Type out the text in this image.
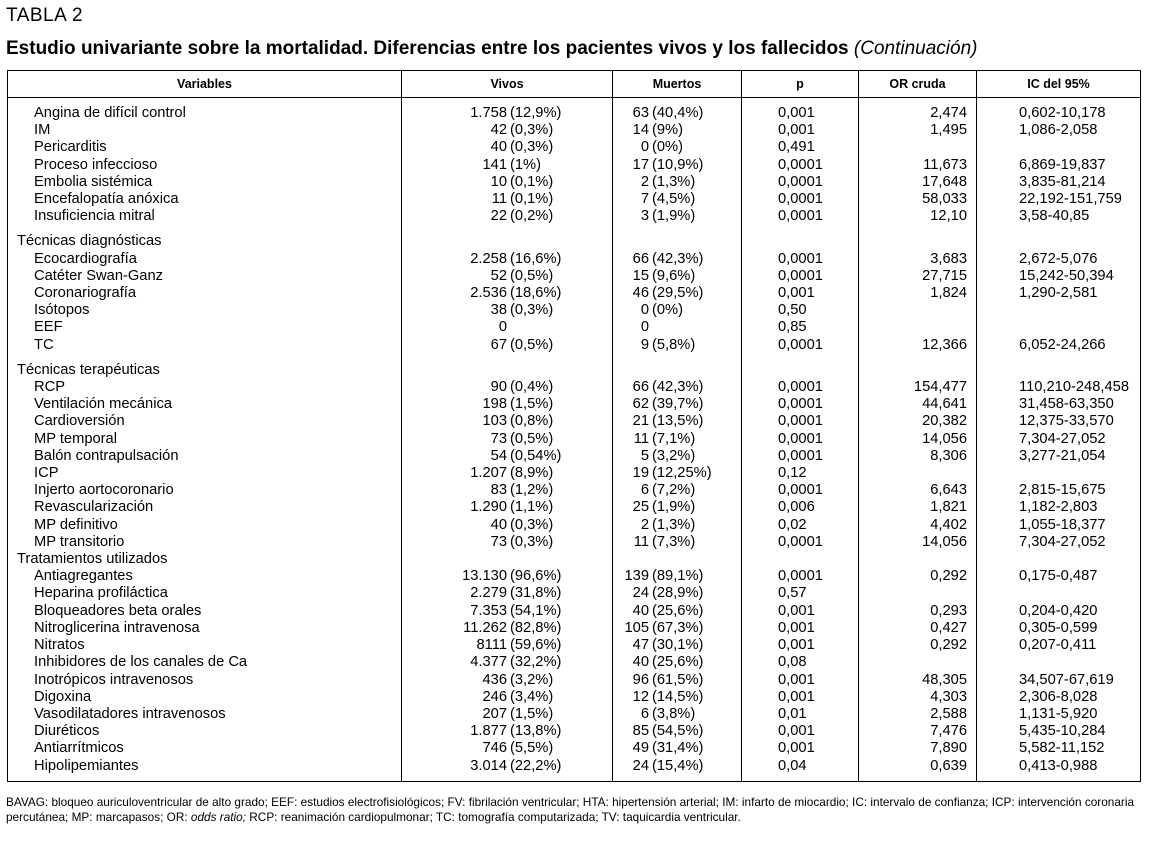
TABLA 2
Estudio univariante sobre la mortalidad. Diferencias entre los pacientes vivos y los fallecidos (Continuación)
Variables	Vivos	Muertos	p	OR cruda	IC del 95%
Angina de difícil control	1.758 (12,9%)	63 (40,4%)	0,001	2,474	0,602-10,178
IM	42 (0,3%)	14 (9%)	0,001	1,495	1,086-2,058
Pericarditis	40 (0,3%)	0 (0%)	0,491		
Proceso infeccioso	141 (1%)	17 (10,9%)	0,0001	11,673	6,869-19,837
Embolia sistémica	10 (0,1%)	2 (1,3%)	0,0001	17,648	3,835-81,214
Encefalopatía anóxica	11 (0,1%)	7 (4,5%)	0,0001	58,033	22,192-151,759
Insuficiencia mitral	22 (0,2%)	3 (1,9%)	0,0001	12,10	3,58-40,85
Técnicas diagnósticas					
Ecocardiografía	2.258 (16,6%)	66 (42,3%)	0,0001	3,683	2,672-5,076
Catéter Swan-Ganz	52 (0,5%)	15 (9,6%)	0,0001	27,715	15,242-50,394
Coronariografía	2.536 (18,6%)	46 (29,5%)	0,001	1,824	1,290-2,581
Isótopos	38 (0,3%)	0 (0%)	0,50		
EEF	0	0	0,85		
TC	67 (0,5%)	9 (5,8%)	0,0001	12,366	6,052-24,266
Técnicas terapéuticas					
RCP	90 (0,4%)	66 (42,3%)	0,0001	154,477	110,210-248,458
Ventilación mecánica	198 (1,5%)	62 (39,7%)	0,0001	44,641	31,458-63,350
Cardioversión	103 (0,8%)	21 (13,5%)	0,0001	20,382	12,375-33,570
MP temporal	73 (0,5%)	11 (7,1%)	0,0001	14,056	7,304-27,052
Balón contrapulsación	54 (0,54%)	5 (3,2%)	0,0001	8,306	3,277-21,054
ICP	1.207 (8,9%)	19 (12,25%)	0,12		
Injerto aortocoronario	83 (1,2%)	6 (7,2%)	0,0001	6,643	2,815-15,675
Revascularización	1.290 (1,1%)	25 (1,9%)	0,006	1,821	1,182-2,803
MP definitivo	40 (0,3%)	2 (1,3%)	0,02	4,402	1,055-18,377
MP transitorio	73 (0,3%)	11 (7,3%)	0,0001	14,056	7,304-27,052
Tratamientos utilizados					
Antiagregantes	13.130 (96,6%)	139 (89,1%)	0,0001	0,292	0,175-0,487
Heparina profiláctica	2.279 (31,8%)	24 (28,9%)	0,57		
Bloqueadores beta orales	7.353 (54,1%)	40 (25,6%)	0,001	0,293	0,204-0,420
Nitroglicerina intravenosa	11.262 (82,8%)	105 (67,3%)	0,001	0,427	0,305-0,599
Nitratos	8111 (59,6%)	47 (30,1%)	0,001	0,292	0,207-0,411
Inhibidores de los canales de Ca	4.377 (32,2%)	40 (25,6%)	0,08		
Inotrópicos intravenosos	436 (3,2%)	96 (61,5%)	0,001	48,305	34,507-67,619
Digoxina	246 (3,4%)	12 (14,5%)	0,001	4,303	2,306-8,028
Vasodilatadores intravenosos	207 (1,5%)	6 (3,8%)	0,01	2,588	1,131-5,920
Diuréticos	1.877 (13,8%)	85 (54,5%)	0,001	7,476	5,435-10,284
Antiarrítmicos	746 (5,5%)	49 (31,4%)	0,001	7,890	5,582-11,152
Hipolipemiantes	3.014 (22,2%)	24 (15,4%)	0,04	0,639	0,413-0,988
BAVAG: bloqueo auriculoventricular de alto grado; EEF: estudios electrofisiológicos; FV: fibrilación ventricular; HTA: hipertensión arterial; IM: infarto de miocardio; IC: intervalo de confianza; ICP: intervención coronaria percutánea; MP: marcapasos; OR: odds ratio; RCP: reanimación cardiopulmonar; TC: tomografía computarizada; TV: taquicardia ventricular.
